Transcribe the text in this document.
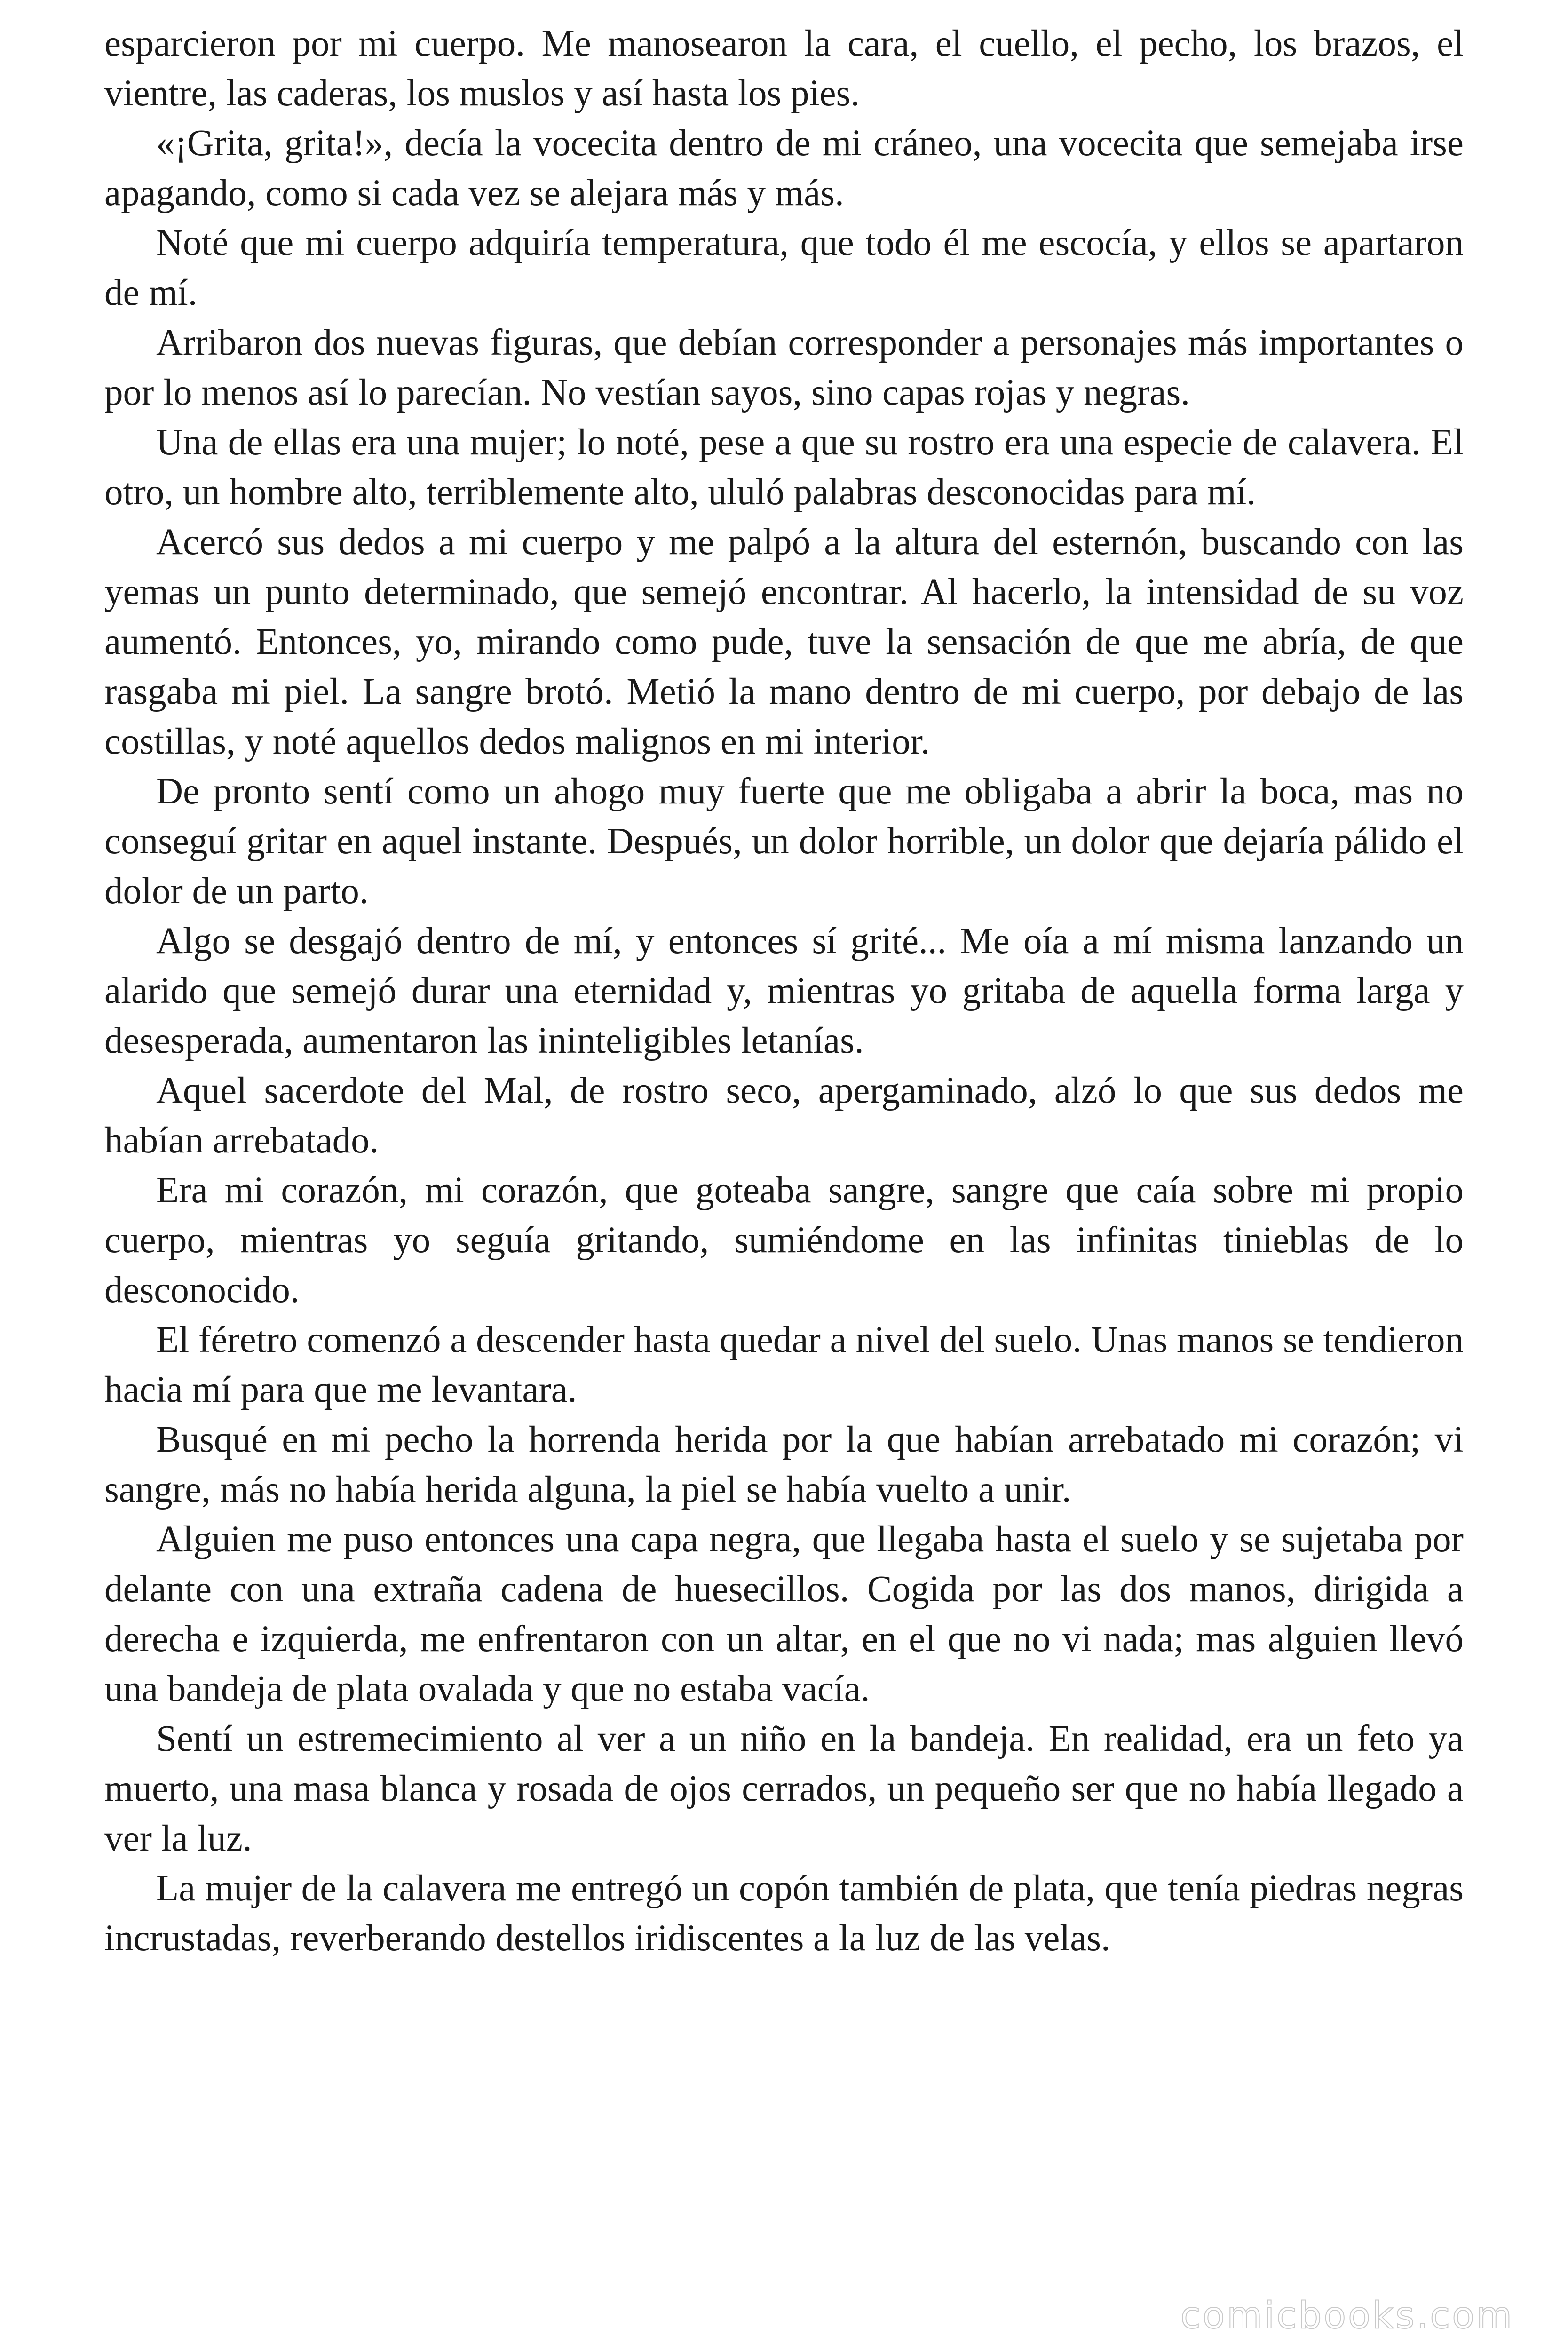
esparcieron por mi cuerpo. Me manosearon la cara, el cuello, el pecho, los brazos, el vientre, las caderas, los muslos y así hasta los pies.

«¡Grita, grita!», decía la vocecita dentro de mi cráneo, una vocecita que semejaba irse apagando, como si cada vez se alejara más y más.

Noté que mi cuerpo adquiría temperatura, que todo él me escocía, y ellos se apartaron de mí.

Arribaron dos nuevas figuras, que debían corresponder a personajes más importantes o por lo menos así lo parecían. No vestían sayos, sino capas rojas y negras.

Una de ellas era una mujer; lo noté, pese a que su rostro era una especie de calavera. El otro, un hombre alto, terriblemente alto, ululó palabras desconocidas para mí.

Acercó sus dedos a mi cuerpo y me palpó a la altura del esternón, buscando con las yemas un punto determinado, que semejó encontrar. Al hacerlo, la intensidad de su voz aumentó. Entonces, yo, mirando como pude, tuve la sensación de que me abría, de que rasgaba mi piel. La sangre brotó. Metió la mano dentro de mi cuerpo, por debajo de las costillas, y noté aquellos dedos malignos en mi interior.

De pronto sentí como un ahogo muy fuerte que me obligaba a abrir la boca, mas no conseguí gritar en aquel instante. Después, un dolor horrible, un dolor que dejaría pálido el dolor de un parto.

Algo se desgajó dentro de mí, y entonces sí grité... Me oía a mí misma lanzando un alarido que semejó durar una eternidad y, mientras yo gritaba de aquella forma larga y desesperada, aumentaron las ininteligibles letanías.

Aquel sacerdote del Mal, de rostro seco, apergaminado, alzó lo que sus dedos me habían arrebatado.

Era mi corazón, mi corazón, que goteaba sangre, sangre que caía sobre mi propio cuerpo, mientras yo seguía gritando, sumiéndome en las infinitas tinieblas de lo desconocido.

El féretro comenzó a descender hasta quedar a nivel del suelo. Unas manos se tendieron hacia mí para que me levantara.

Busqué en mi pecho la horrenda herida por la que habían arrebatado mi corazón; vi sangre, más no había herida alguna, la piel se había vuelto a unir.

Alguien me puso entonces una capa negra, que llegaba hasta el suelo y se sujetaba por delante con una extraña cadena de huesecillos. Cogida por las dos manos, dirigida a derecha e izquierda, me enfrentaron con un altar, en el que no vi nada; mas alguien llevó una bandeja de plata ovalada y que no estaba vacía.

Sentí un estremecimiento al ver a un niño en la bandeja. En realidad, era un feto ya muerto, una masa blanca y rosada de ojos cerrados, un pequeño ser que no había llegado a ver la luz.

La mujer de la calavera me entregó un copón también de plata, que tenía piedras negras incrustadas, reverberando destellos iridiscentes a la luz de las velas.

comicbooks.com
